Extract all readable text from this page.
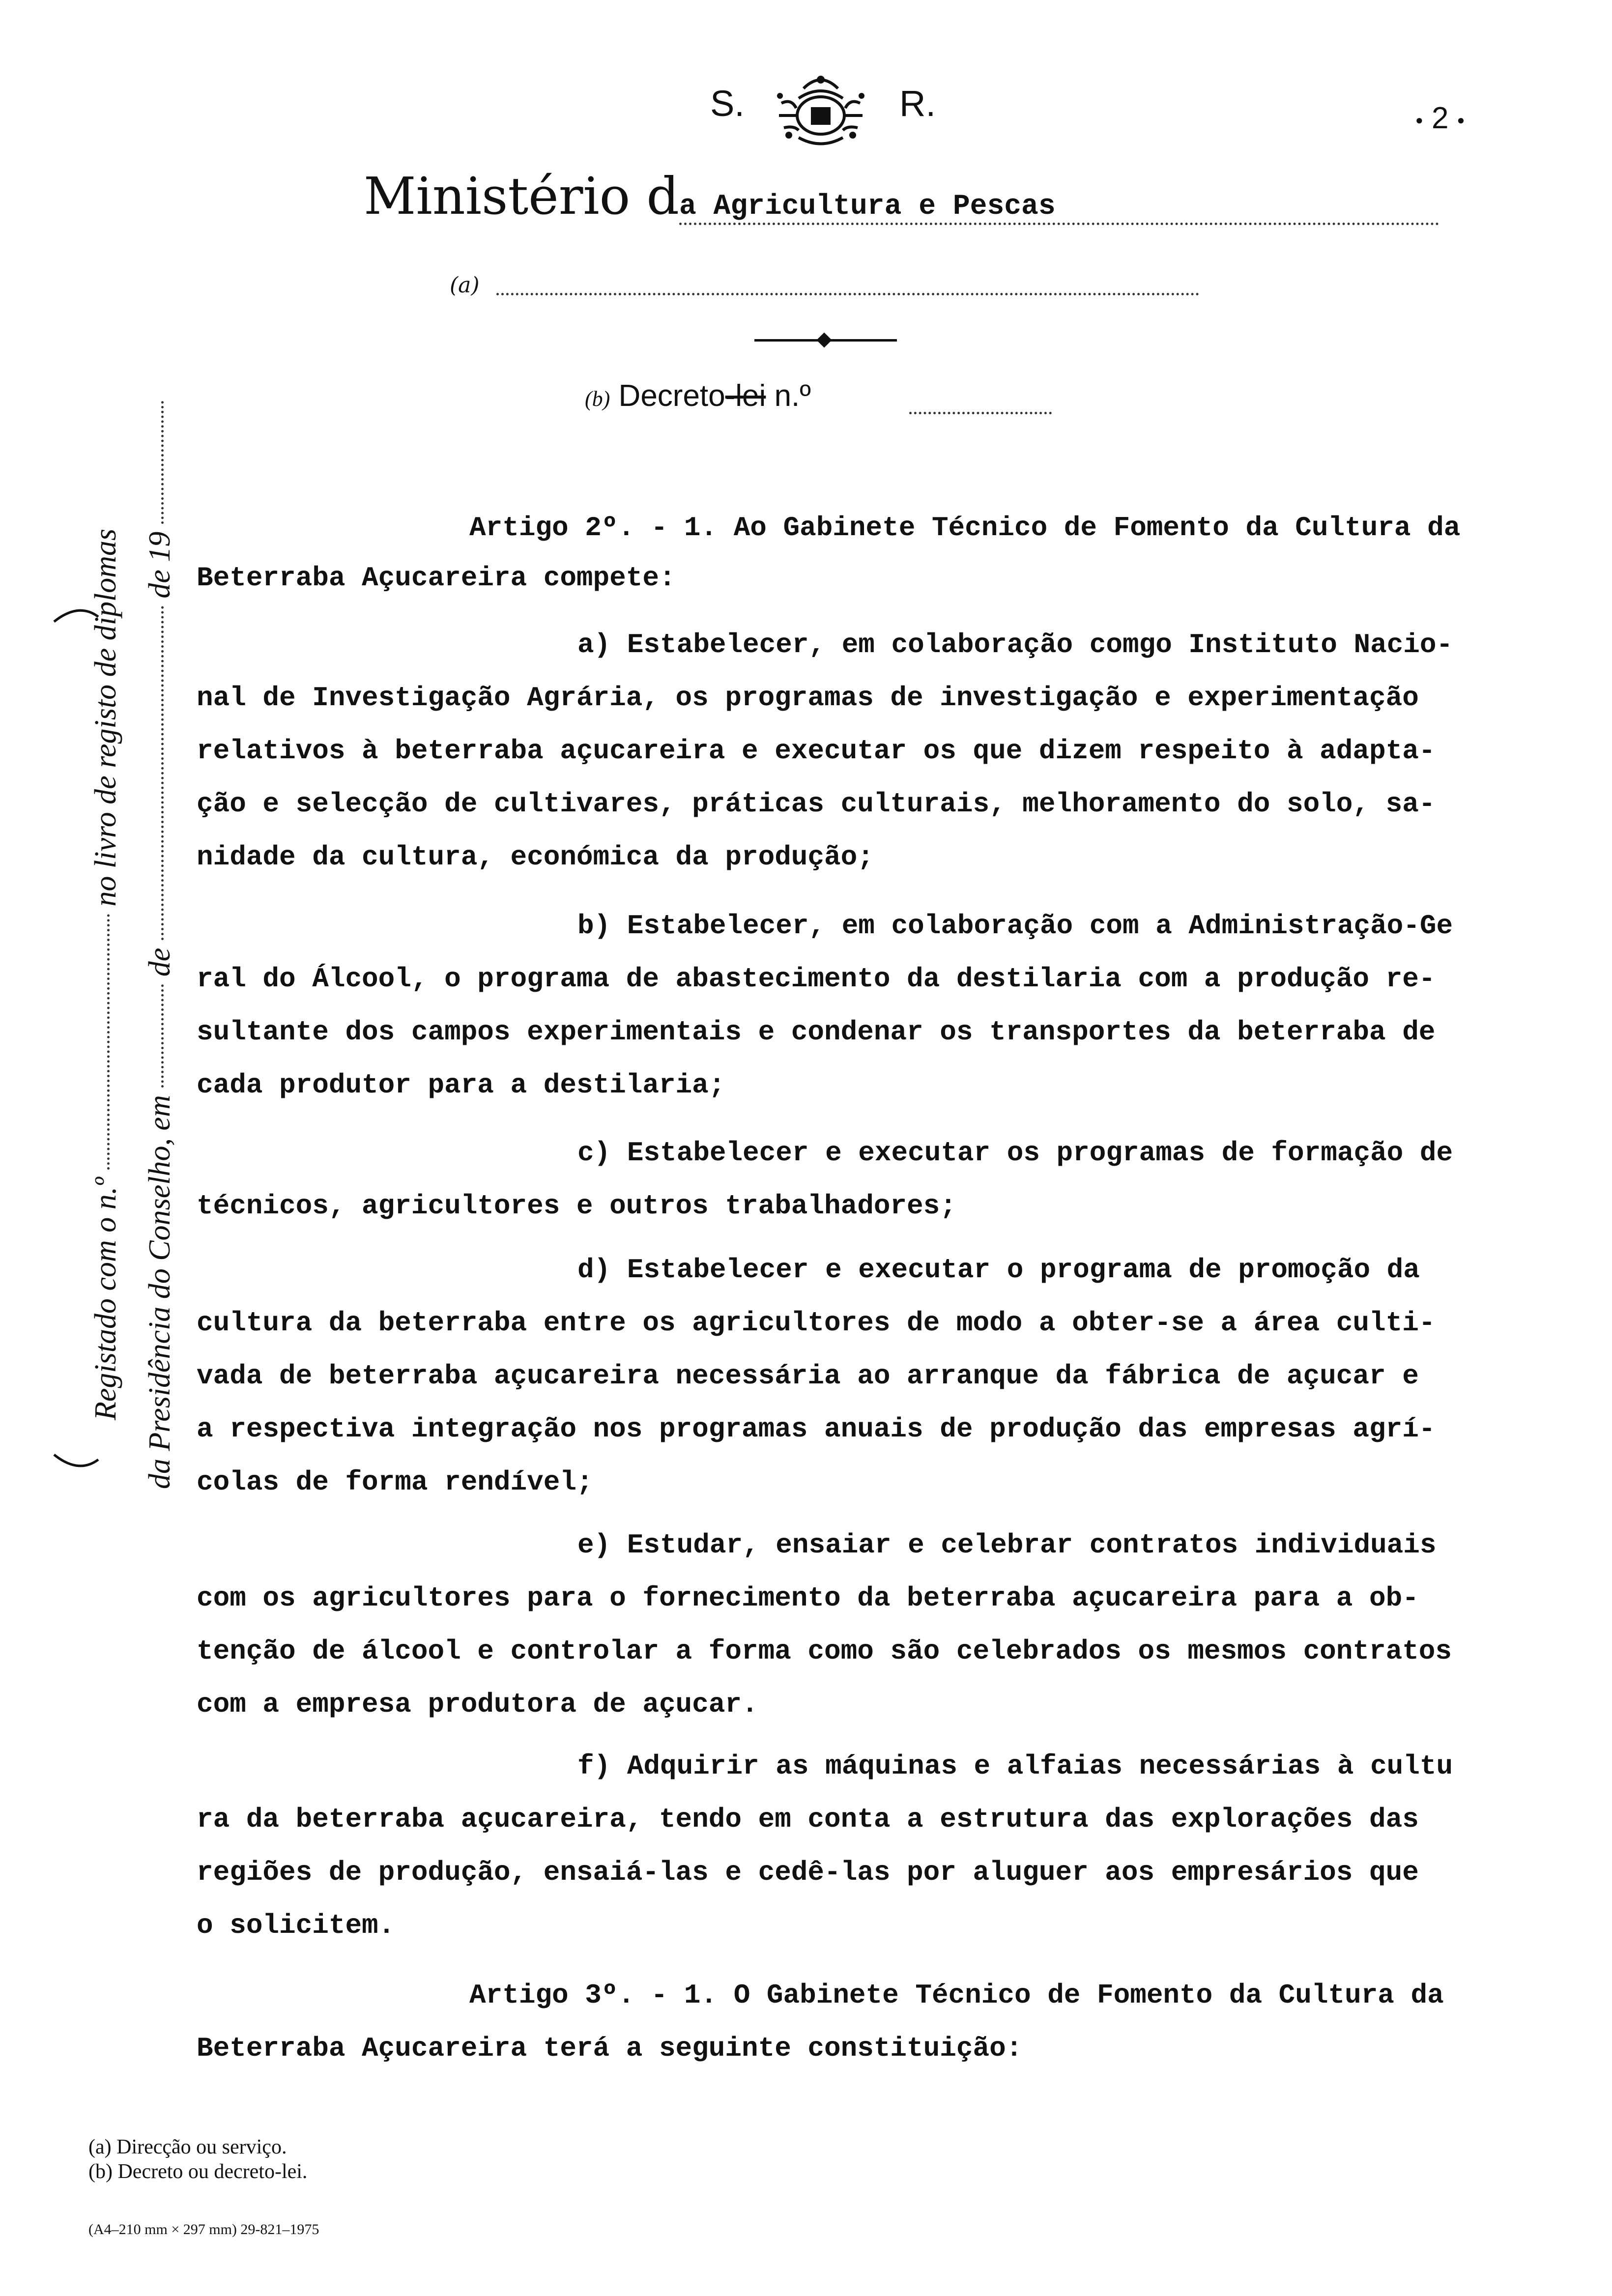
S.	R.	● 2 ●
Ministério da Agricultura e Pescas
(a)
(b) Decreto-lei n.º
Registado com o n.º  no livro de registo de diplomas
da Presidência do Conselho, em  de  de 19
Artigo 2º. - 1. Ao Gabinete Técnico de Fomento da Cultura da
Beterraba Açucareira compete:
a) Estabelecer, em colaboração comgo Instituto Nacio-
nal de Investigação Agrária, os programas de investigação e experimentação
relativos à beterraba açucareira e executar os que dizem respeito à adapta-
ção e selecção de cultivares, práticas culturais, melhoramento do solo, sa-
nidade da cultura, económica da produção;
b) Estabelecer, em colaboração com a Administração-Ge
ral do Álcool, o programa de abastecimento da destilaria com a produção re-
sultante dos campos experimentais e condenar os transportes da beterraba de
cada produtor para a destilaria;
c) Estabelecer e executar os programas de formação de
técnicos, agricultores e outros trabalhadores;
d) Estabelecer e executar o programa de promoção da
cultura da beterraba entre os agricultores de modo a obter-se a área culti-
vada de beterraba açucareira necessária ao arranque da fábrica de açucar e
a respectiva integração nos programas anuais de produção das empresas agrí-
colas de forma rendível;
e) Estudar, ensaiar e celebrar contratos individuais
com os agricultores para o fornecimento da beterraba açucareira para a ob-
tenção de álcool e controlar a forma como são celebrados os mesmos contratos
com a empresa produtora de açucar.
f) Adquirir as máquinas e alfaias necessárias à cultu
ra da beterraba açucareira, tendo em conta a estrutura das explorações das
regiões de produção, ensaiá-las e cedê-las por aluguer aos empresários que
o solicitem.
Artigo 3º. - 1. O Gabinete Técnico de Fomento da Cultura da
Beterraba Açucareira terá a seguinte constituição:
(a) Direcção ou serviço.
(b) Decreto ou decreto-lei.
(A4–210 mm × 297 mm) 29-821–1975
